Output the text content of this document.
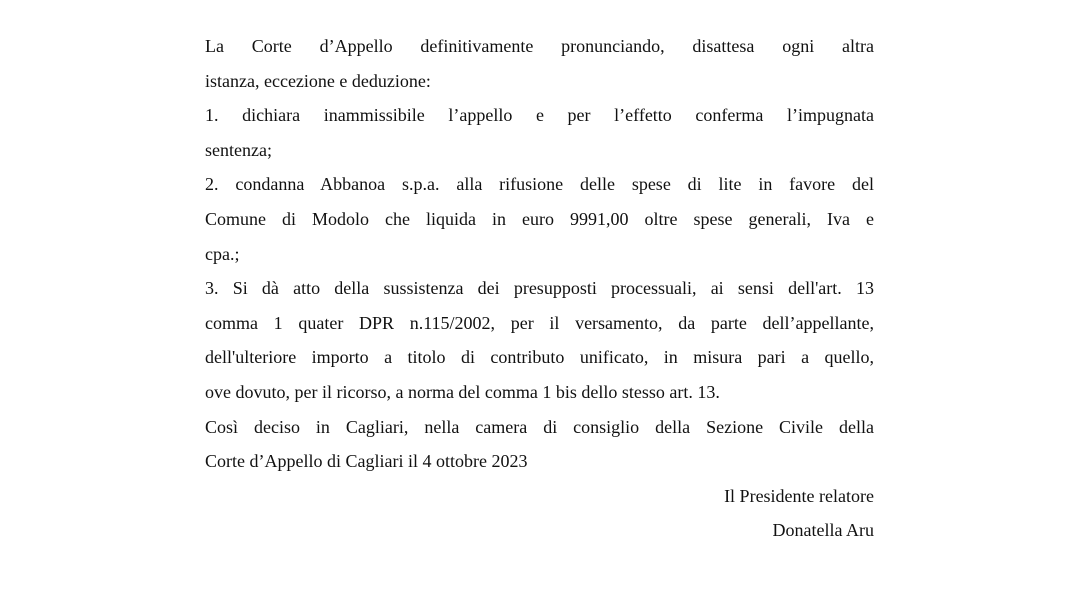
La Corte d’Appello definitivamente pronunciando, disattesa ogni altra
istanza, eccezione e deduzione:
1. dichiara inammissibile l’appello e per l’effetto conferma l’impugnata
sentenza;
2. condanna Abbanoa s.p.a. alla rifusione delle spese di lite in favore del
Comune di Modolo che liquida in euro 9991,00 oltre spese generali, Iva e
cpa.;
3. Si dà atto della sussistenza dei presupposti processuali, ai sensi dell'art. 13
comma 1 quater DPR n.115/2002, per il versamento, da parte dell’appellante,
dell'ulteriore importo a titolo di contributo unificato, in misura pari a quello,
ove dovuto, per il ricorso, a norma del comma 1 bis dello stesso art. 13.
Così deciso in Cagliari, nella camera di consiglio della Sezione Civile della
Corte d’Appello di Cagliari il 4 ottobre 2023
Il Presidente relatore
Donatella Aru
